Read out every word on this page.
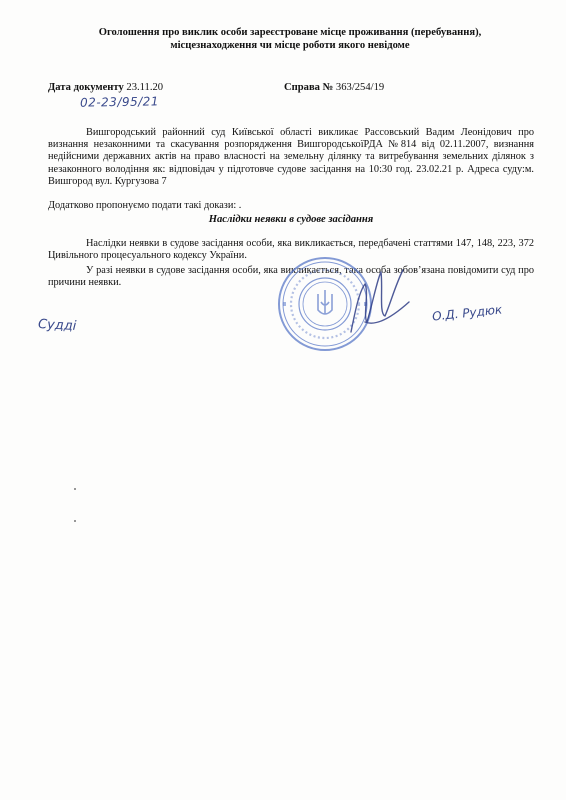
Оголошення про виклик особи зареєстроване місце проживання (перебування),
місцезнаходження чи місце роботи якого невідоме
Дата документу 23.11.20	Справа № 363/254/19
02-23/95/21
Вишгородський районний суд Київської області викликає Рассовський Вадим Леонідович про визнання незаконними та скасування розпорядження ВишгородськоїРДА №814 від 02.11.2007, визнання недійсними державних актів на право власності на земельну ділянку та витребування земельних ділянок з незаконного володіння як: відповідач у підготовче судове засідання на 10:30 год. 23.02.21 р. Адреса суду:м. Вишгород вул. Кургузова 7
Додатково пропонуємо подати такі докази: .
Наслідки неявки в судове засідання
Наслідки неявки в судове засідання особи, яка викликається, передбачені статтями 147, 148, 223, 372 Цивільного процесуального кодексу України.
У разі неявки в судове засідання особи, яка викликається, така особа зобов’язана повідомити суд про причини неявки.
Судді
О.Д. Рудюк
